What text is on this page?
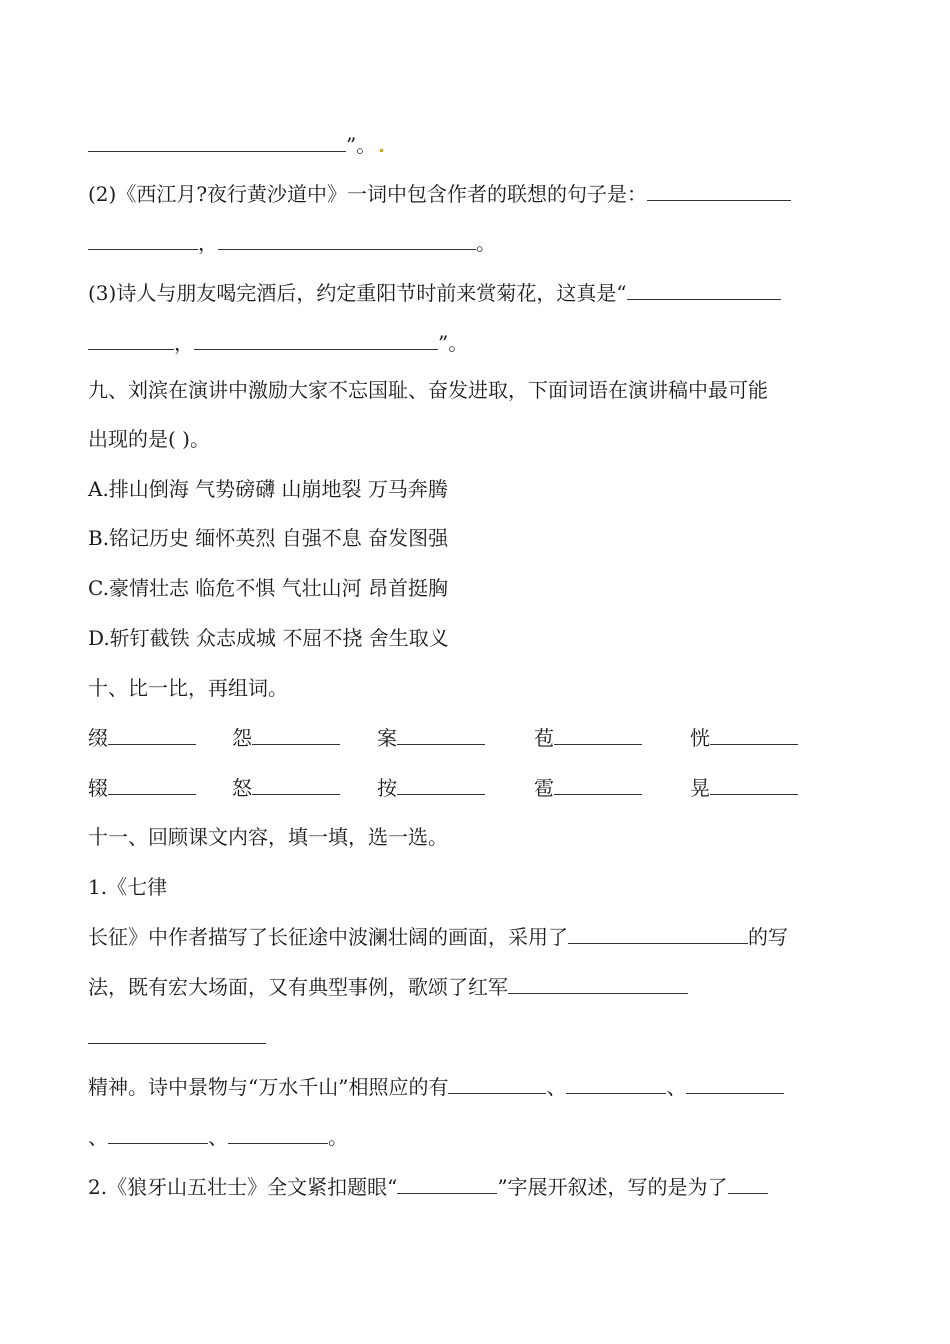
”。
(2)《西江月?夜行黄沙道中》一词中包含作者的联想的句子是：
，	。
(3)诗人与朋友喝完酒后，约定重阳节时前来赏菊花，这真是“
，	”。
九、刘滨在演讲中激励大家不忘国耻、奋发进取，下面词语在演讲稿中最可能
出现的是( )。
A.排山倒海 气势磅礴 山崩地裂 万马奔腾
B.铭记历史 缅怀英烈 自强不息 奋发图强
C.豪情壮志 临危不惧 气壮山河 昂首挺胸
D.斩钉截铁 众志成城 不屈不挠 舍生取义
十、比一比，再组词。
缀	怨	案	苞	恍
辍	怒	按	雹	晃
十一、回顾课文内容，填一填，选一选。
1.《七律
长征》中作者描写了长征途中波澜壮阔的画面，采用了	的写
法，既有宏大场面，又有典型事例，歌颂了红军
精神。诗中景物与“万水千山”相照应的有	、	、
、	、	。
2.《狼牙山五壮士》全文紧扣题眼“	”字展开叙述，写的是为了
